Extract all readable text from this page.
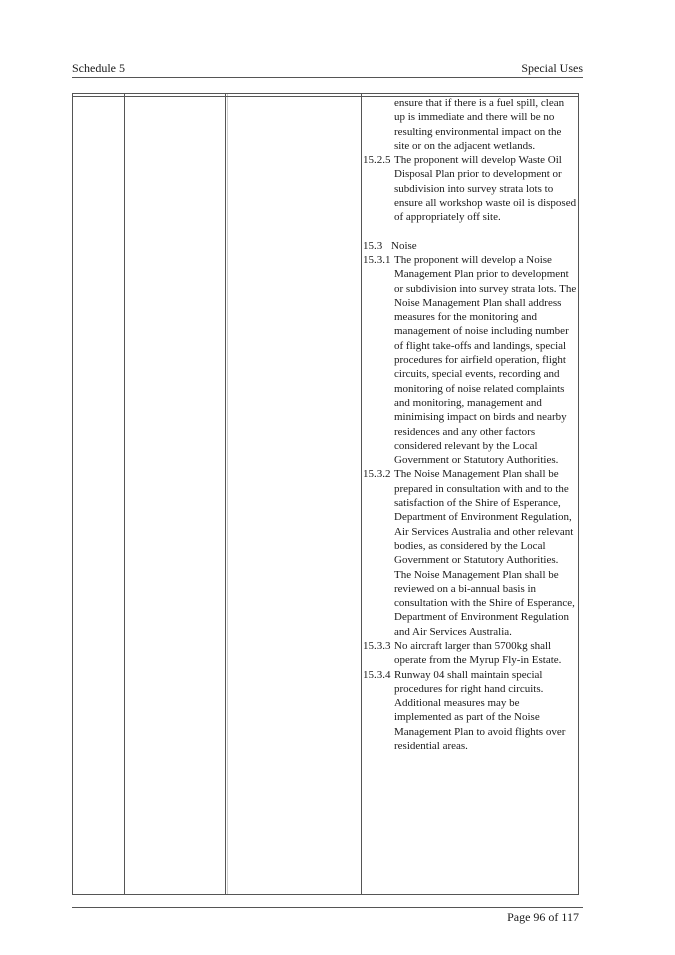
Schedule 5	Special Uses
ensure that if there is a fuel spill, clean up is immediate and there will be no resulting environmental impact on the site or on the adjacent wetlands.
15.2.5 The proponent will develop Waste Oil Disposal Plan prior to development or subdivision into survey strata lots to ensure all workshop waste oil is disposed of appropriately off site.
15.3 Noise
15.3.1 The proponent will develop a Noise Management Plan prior to development or subdivision into survey strata lots. The Noise Management Plan shall address measures for the monitoring and management of noise including number of flight take-offs and landings, special procedures for airfield operation, flight circuits, special events, recording and monitoring of noise related complaints and monitoring, management and minimising impact on birds and nearby residences and any other factors considered relevant by the Local Government or Statutory Authorities.
15.3.2 The Noise Management Plan shall be prepared in consultation with and to the satisfaction of the Shire of Esperance, Department of Environment Regulation, Air Services Australia and other relevant bodies, as considered by the Local Government or Statutory Authorities. The Noise Management Plan shall be reviewed on a bi-annual basis in consultation with the Shire of Esperance, Department of Environment Regulation and Air Services Australia.
15.3.3 No aircraft larger than 5700kg shall operate from the Myrup Fly-in Estate.
15.3.4 Runway 04 shall maintain special procedures for right hand circuits. Additional measures may be implemented as part of the Noise Management Plan to avoid flights over residential areas.
Page 96 of 117
